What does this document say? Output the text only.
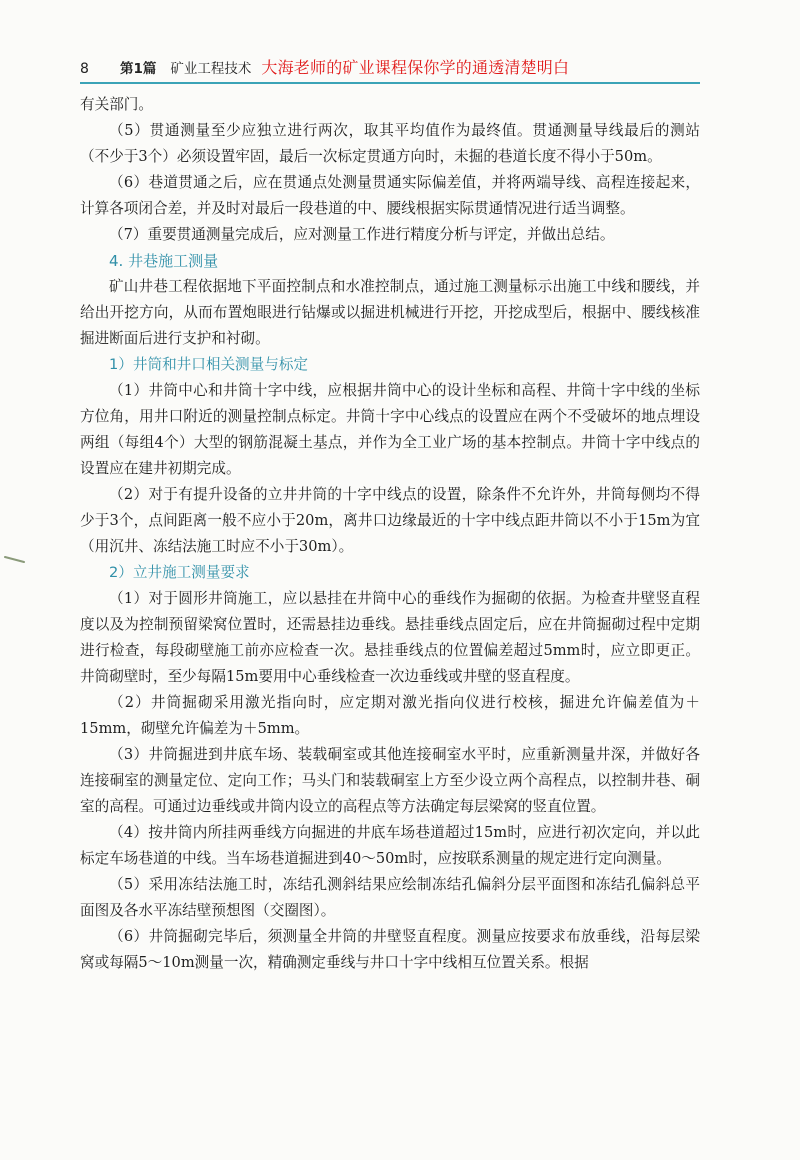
8	第1篇 矿业工程技术 大海老师的矿业课程保你学的通透清楚明白

有关部门。

（5）贯通测量至少应独立进行两次，取其平均值作为最终值。贯通测量导线最后的测站（不少于3个）必须设置牢固，最后一次标定贯通方向时，未掘的巷道长度不得小于50m。

（6）巷道贯通之后，应在贯通点处测量贯通实际偏差值，并将两端导线、高程连接起来，计算各项闭合差，并及时对最后一段巷道的中、腰线根据实际贯通情况进行适当调整。

（7）重要贯通测量完成后，应对测量工作进行精度分析与评定，并做出总结。

4. 井巷施工测量

矿山井巷工程依据地下平面控制点和水准控制点，通过施工测量标示出施工中线和腰线，并给出开挖方向，从而布置炮眼进行钻爆或以掘进机械进行开挖，开挖成型后，根据中、腰线核准掘进断面后进行支护和衬砌。

1）井筒和井口相关测量与标定

（1）井筒中心和井筒十字中线，应根据井筒中心的设计坐标和高程、井筒十字中线的坐标方位角，用井口附近的测量控制点标定。井筒十字中心线点的设置应在两个不受破坏的地点埋设两组（每组4个）大型的钢筋混凝土基点，并作为全工业广场的基本控制点。井筒十字中线点的设置应在建井初期完成。

（2）对于有提升设备的立井井筒的十字中线点的设置，除条件不允许外，井筒每侧均不得少于3个，点间距离一般不应小于20m，离井口边缘最近的十字中线点距井筒以不小于15m为宜（用沉井、冻结法施工时应不小于30m）。

2）立井施工测量要求

（1）对于圆形井筒施工，应以悬挂在井筒中心的垂线作为掘砌的依据。为检查井壁竖直程度以及为控制预留梁窝位置时，还需悬挂边垂线。悬挂垂线点固定后，应在井筒掘砌过程中定期进行检查，每段砌壁施工前亦应检查一次。悬挂垂线点的位置偏差超过5mm时，应立即更正。井筒砌壁时，至少每隔15m要用中心垂线检查一次边垂线或井壁的竖直程度。

（2）井筒掘砌采用激光指向时，应定期对激光指向仪进行校核，掘进允许偏差值为＋15mm，砌壁允许偏差为＋5mm。

（3）井筒掘进到井底车场、装载硐室或其他连接硐室水平时，应重新测量井深，并做好各连接硐室的测量定位、定向工作；马头门和装载硐室上方至少设立两个高程点，以控制井巷、硐室的高程。可通过边垂线或井筒内设立的高程点等方法确定每层梁窝的竖直位置。

（4）按井筒内所挂两垂线方向掘进的井底车场巷道超过15m时，应进行初次定向，并以此标定车场巷道的中线。当车场巷道掘进到40～50m时，应按联系测量的规定进行定向测量。

（5）采用冻结法施工时，冻结孔测斜结果应绘制冻结孔偏斜分层平面图和冻结孔偏斜总平面图及各水平冻结壁预想图（交圈图）。

（6）井筒掘砌完毕后，须测量全井筒的井壁竖直程度。测量应按要求布放垂线，沿每层梁窝或每隔5～10m测量一次，精确测定垂线与井口十字中线相互位置关系。根据
